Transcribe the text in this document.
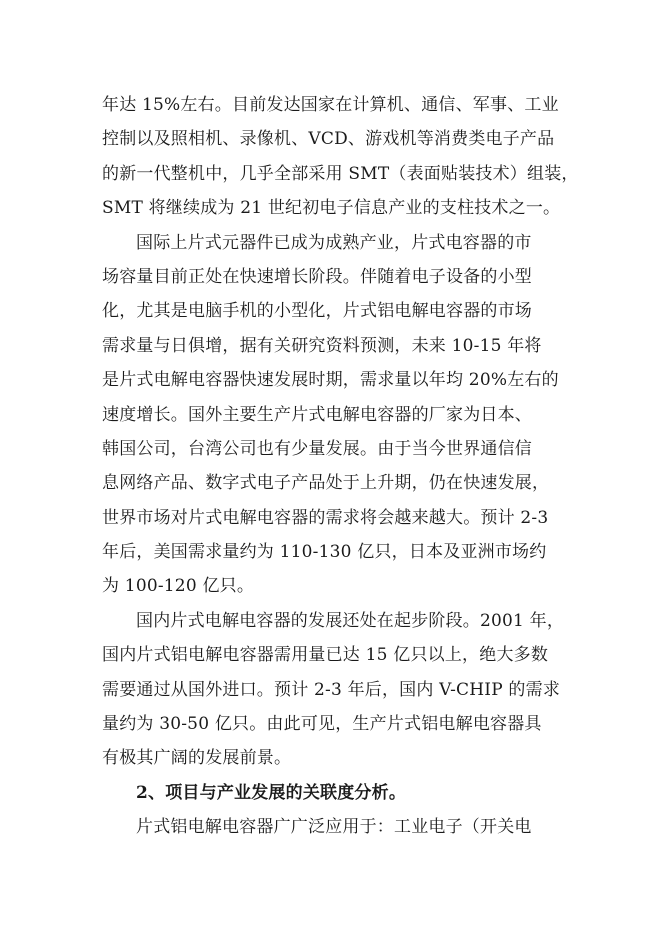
年达 15%左右。目前发达国家在计算机、通信、军事、工业
控制以及照相机、录像机、VCD、游戏机等消费类电子产品
的新一代整机中，几乎全部采用 SMT（表面贴装技术）组装，
SMT 将继续成为 21 世纪初电子信息产业的支柱技术之一。
国际上片式元器件已成为成熟产业，片式电容器的市
场容量目前正处在快速增长阶段。伴随着电子设备的小型
化，尤其是电脑手机的小型化，片式铝电解电容器的市场
需求量与日俱增，据有关研究资料预测，未来 10-15 年将
是片式电解电容器快速发展时期，需求量以年均 20%左右的
速度增长。国外主要生产片式电解电容器的厂家为日本、
韩国公司，台湾公司也有少量发展。由于当今世界通信信
息网络产品、数字式电子产品处于上升期，仍在快速发展，
世界市场对片式电解电容器的需求将会越来越大。预计 2-3
年后，美国需求量约为 110-130 亿只，日本及亚洲市场约
为 100-120 亿只。
国内片式电解电容器的发展还处在起步阶段。2001 年，
国内片式铝电解电容器需用量已达 15 亿只以上，绝大多数
需要通过从国外进口。预计 2-3 年后，国内 V-CHIP 的需求
量约为 30-50 亿只。由此可见，生产片式铝电解电容器具
有极其广阔的发展前景。
2、项目与产业发展的关联度分析。
片式铝电解电容器广广泛应用于：工业电子（开关电
